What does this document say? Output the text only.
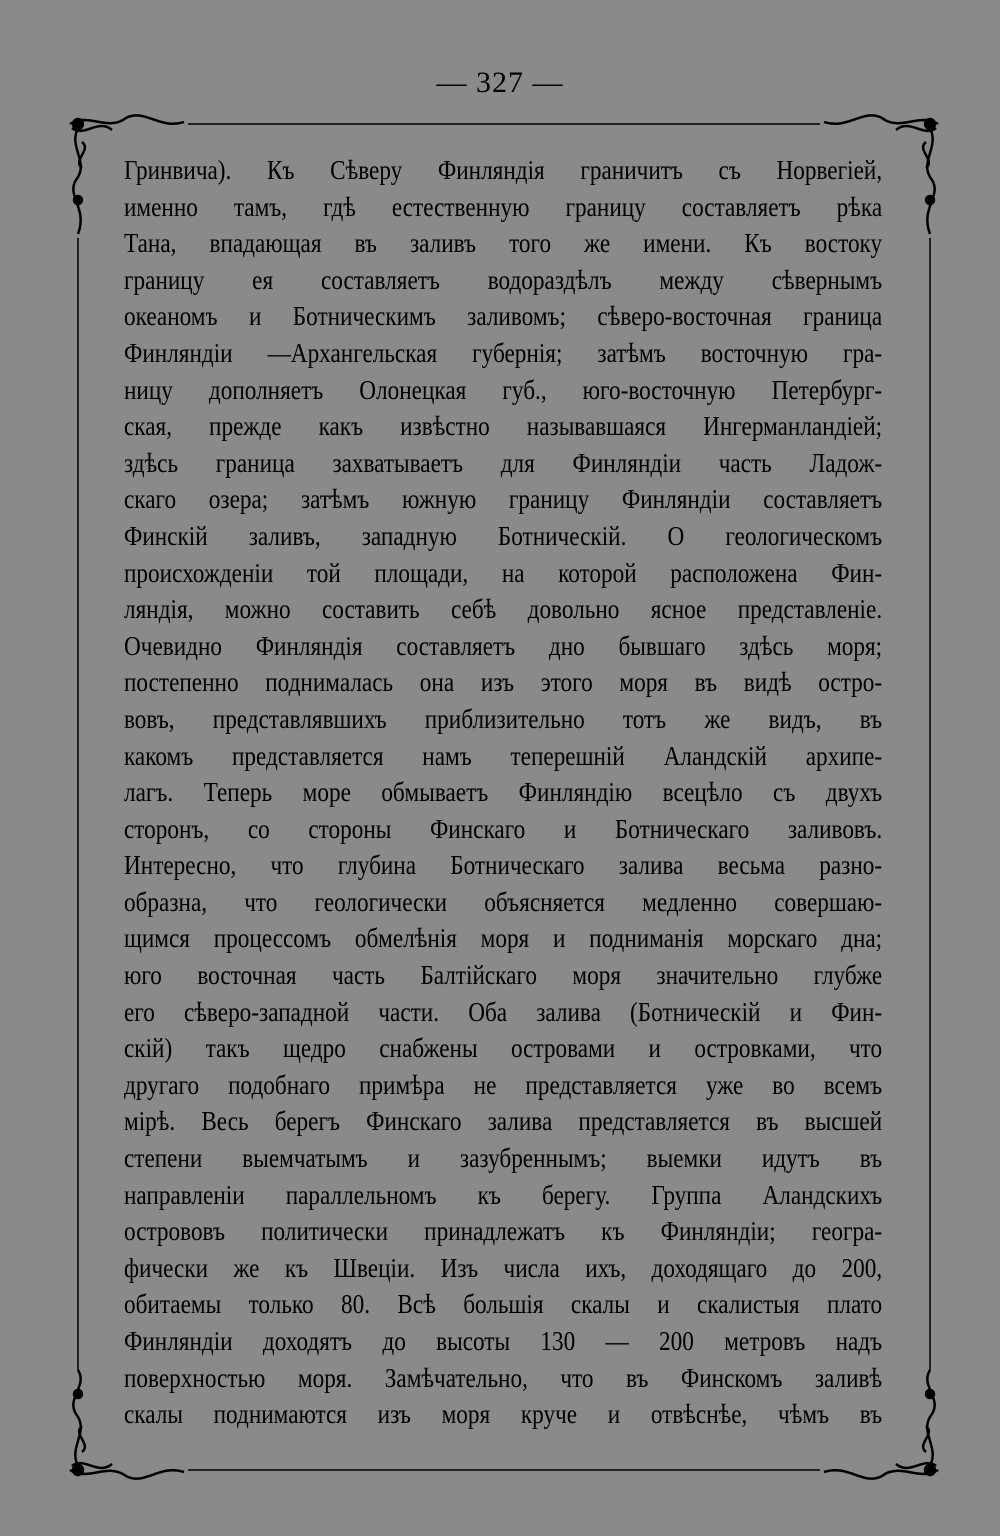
— 327 —
Гринвича). Къ Сѣверу Финляндія граничитъ съ Норвегіей,
именно тамъ, гдѣ естественную границу составляетъ рѣка
Тана, впадающая въ заливъ того же имени. Къ востоку
границу ея составляетъ водораздѣлъ между сѣвернымъ
океаномъ и Ботническимъ заливомъ; сѣверо-восточная граница
Финляндіи —Архангельская губернія; затѣмъ восточную гра-
ницу дополняетъ Олонецкая губ., юго-восточную Петербург-
ская, прежде какъ извѣстно называвшаяся Ингерманландіей;
здѣсь граница захватываетъ для Финляндіи часть Ладож-
скаго озера; затѣмъ южную границу Финляндіи составляетъ
Финскій заливъ, западную Ботническій. О геологическомъ
происхожденіи той площади, на которой расположена Фин-
ляндія, можно составить себѣ довольно ясное представленіе.
Очевидно Финляндія составляетъ дно бывшаго здѣсь моря;
постепенно поднималась она изъ этого моря въ видѣ остро-
вовъ, представлявшихъ приблизительно тотъ же видъ, въ
какомъ представляется намъ теперешній Аландскій архипе-
лагъ. Теперь море обмываетъ Финляндію всецѣло съ двухъ
сторонъ, со стороны Финскаго и Ботническаго заливовъ.
Интересно, что глубина Ботническаго залива весьма разно-
образна, что геологически объясняется медленно совершаю-
щимся процессомъ обмелѣнія моря и подниманія морскаго дна;
юго восточная часть Балтійскаго моря значительно глубже
его сѣверо-западной части. Оба залива (Ботническій и Фин-
скій) такъ щедро снабжены островами и островками, что
другаго подобнаго примѣра не представляется уже во всемъ
мірѣ. Весь берегъ Финскаго залива представляется въ высшей
степени выемчатымъ и зазубреннымъ; выемки идутъ въ
направленіи параллельномъ къ берегу. Группа Аландскихъ
острововъ политически принадлежатъ къ Финляндіи; геогра-
фически же къ Швеціи. Изъ числа ихъ, доходящаго до 200,
обитаемы только 80. Всѣ большія скалы и скалистыя плато
Финляндіи доходятъ до высоты 130 — 200 метровъ надъ
поверхностью моря. Замѣчательно, что въ Финскомъ заливѣ
скалы поднимаются изъ моря круче и отвѣснѣе, чѣмъ въ
